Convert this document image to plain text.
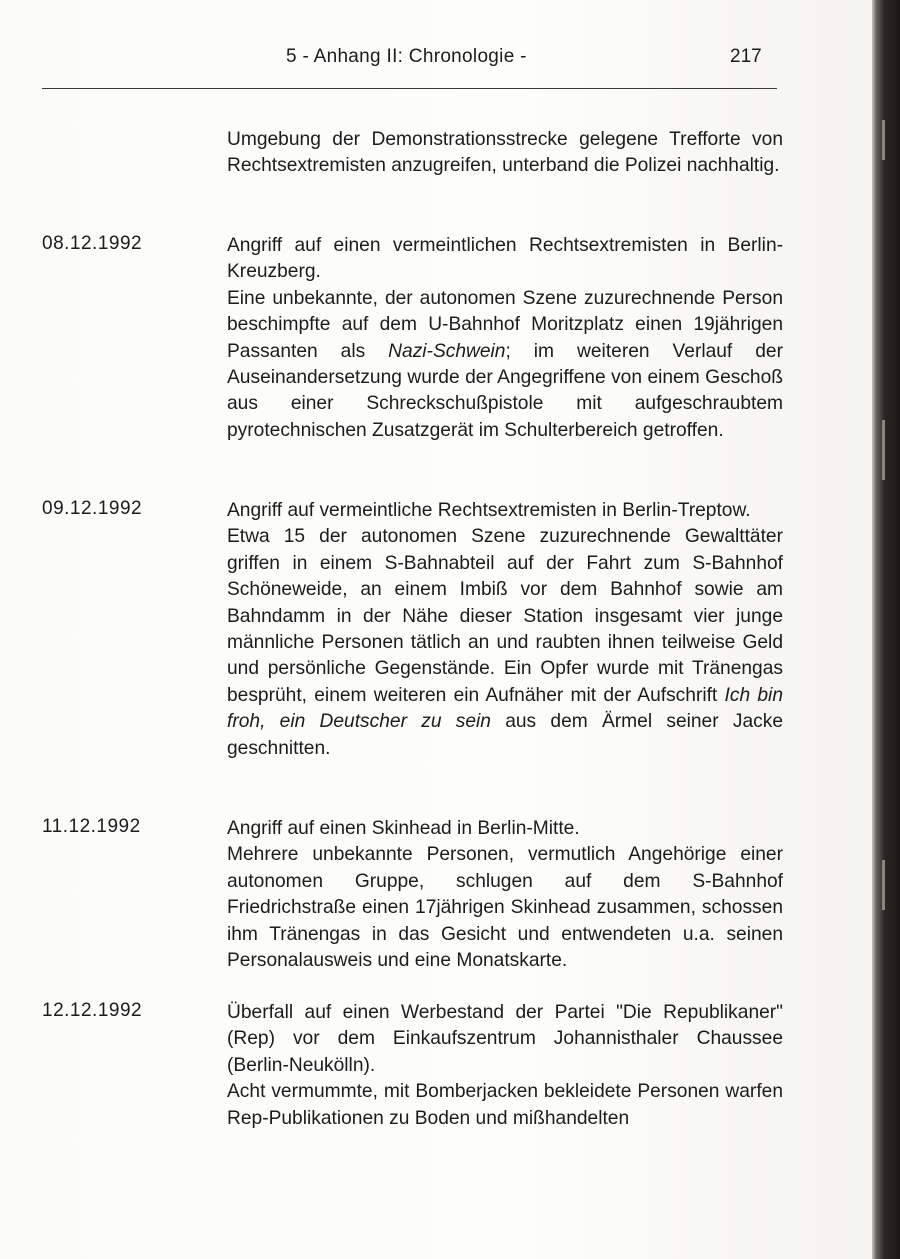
5 - Anhang II: Chronologie -	217

Umgebung der Demonstrationsstrecke gelegene Trefforte von Rechtsextremisten anzugreifen, unterband die Polizei nachhaltig.

08.12.1992	Angriff auf einen vermeintlichen Rechtsextremisten in Berlin-Kreuzberg.

Eine unbekannte, der autonomen Szene zuzurechnende Person beschimpfte auf dem U-Bahnhof Moritzplatz einen 19jährigen Passanten als Nazi-Schwein; im weiteren Verlauf der Auseinandersetzung wurde der Angegriffene von einem Geschoß aus einer Schreckschußpistole mit aufgeschraubtem pyrotechnischen Zusatzgerät im Schulterbereich getroffen.

09.12.1992	Angriff auf vermeintliche Rechtsextremisten in Berlin-Treptow.

Etwa 15 der autonomen Szene zuzurechnende Gewalttäter griffen in einem S-Bahnabteil auf der Fahrt zum S-Bahnhof Schöneweide, an einem Imbiß vor dem Bahnhof sowie am Bahndamm in der Nähe dieser Station insgesamt vier junge männliche Personen tätlich an und raubten ihnen teilweise Geld und persönliche Gegenstände. Ein Opfer wurde mit Tränengas besprüht, einem weiteren ein Aufnäher mit der Aufschrift Ich bin froh, ein Deutscher zu sein aus dem Ärmel seiner Jacke geschnitten.

11.12.1992	Angriff auf einen Skinhead in Berlin-Mitte.

Mehrere unbekannte Personen, vermutlich Angehörige einer autonomen Gruppe, schlugen auf dem S-Bahnhof Friedrichstraße einen 17jährigen Skinhead zusammen, schossen ihm Tränengas in das Gesicht und entwendeten u.a. seinen Personalausweis und eine Monatskarte.

12.12.1992	Überfall auf einen Werbestand der Partei "Die Republikaner" (Rep) vor dem Einkaufszentrum Johannisthaler Chaussee (Berlin-Neukölln).

Acht vermummte, mit Bomberjacken bekleidete Personen warfen Rep-Publikationen zu Boden und mißhandelten
